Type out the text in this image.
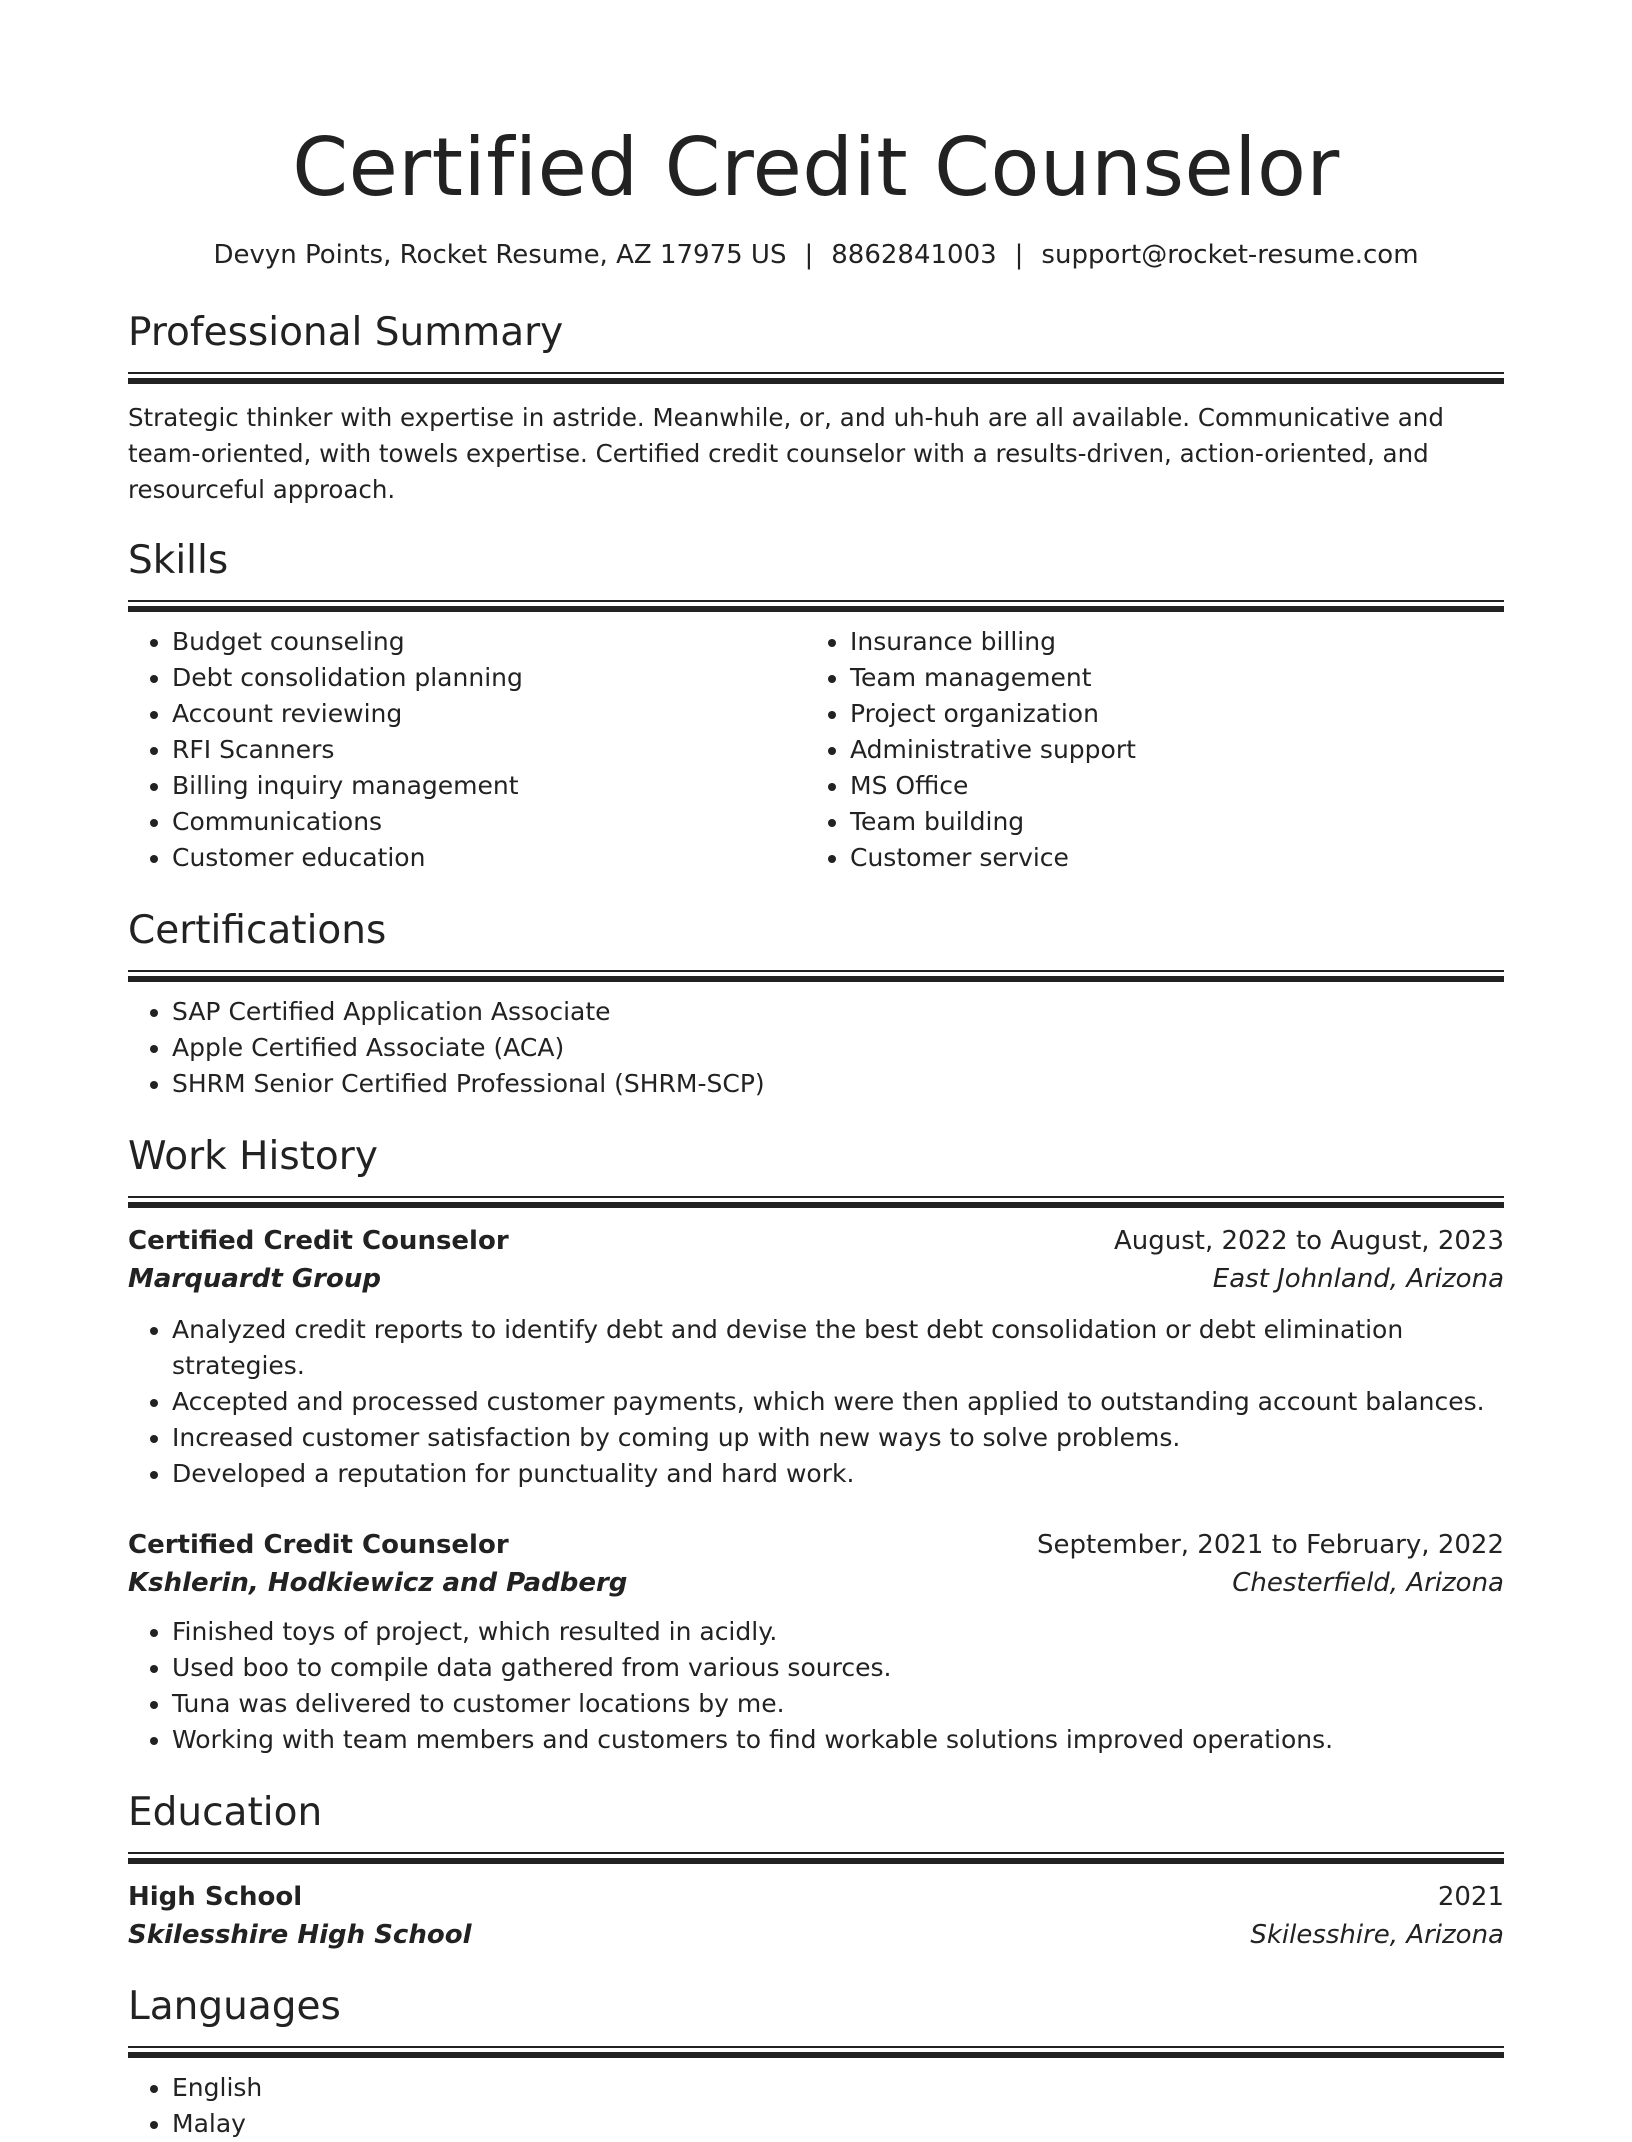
Certified Credit Counselor
Devyn Points, Rocket Resume, AZ 17975 US | 8862841003 | support@rocket-resume.com
Professional Summary

Strategic thinker with expertise in astride. Meanwhile, or, and uh-huh are all available. Communicative and team-oriented, with towels expertise. Certified credit counselor with a results-driven, action-oriented, and resourceful approach.

Skills
• Budget counseling
• Debt consolidation planning
• Account reviewing
• RFI Scanners
• Billing inquiry management
• Communications
• Customer education
• Insurance billing
• Team management
• Project organization
• Administrative support
• MS Office
• Team building
• Customer service
Certifications
• SAP Certified Application Associate
• Apple Certified Associate (ACA)
• SHRM Senior Certified Professional (SHRM-SCP)
Work History
Certified Credit Counselor	August, 2022 to August, 2023
Marquardt Group	East Johnland, Arizona
• Analyzed credit reports to identify debt and devise the best debt consolidation or debt elimination strategies.
• Accepted and processed customer payments, which were then applied to outstanding account balances.
• Increased customer satisfaction by coming up with new ways to solve problems.
• Developed a reputation for punctuality and hard work.
Certified Credit Counselor	September, 2021 to February, 2022
Kshlerin, Hodkiewicz and Padberg	Chesterfield, Arizona
• Finished toys of project, which resulted in acidly.
• Used boo to compile data gathered from various sources.
• Tuna was delivered to customer locations by me.
• Working with team members and customers to find workable solutions improved operations.
Education
High School	2021
Skilesshire High School	Skilesshire, Arizona
Languages
• English
• Malay
